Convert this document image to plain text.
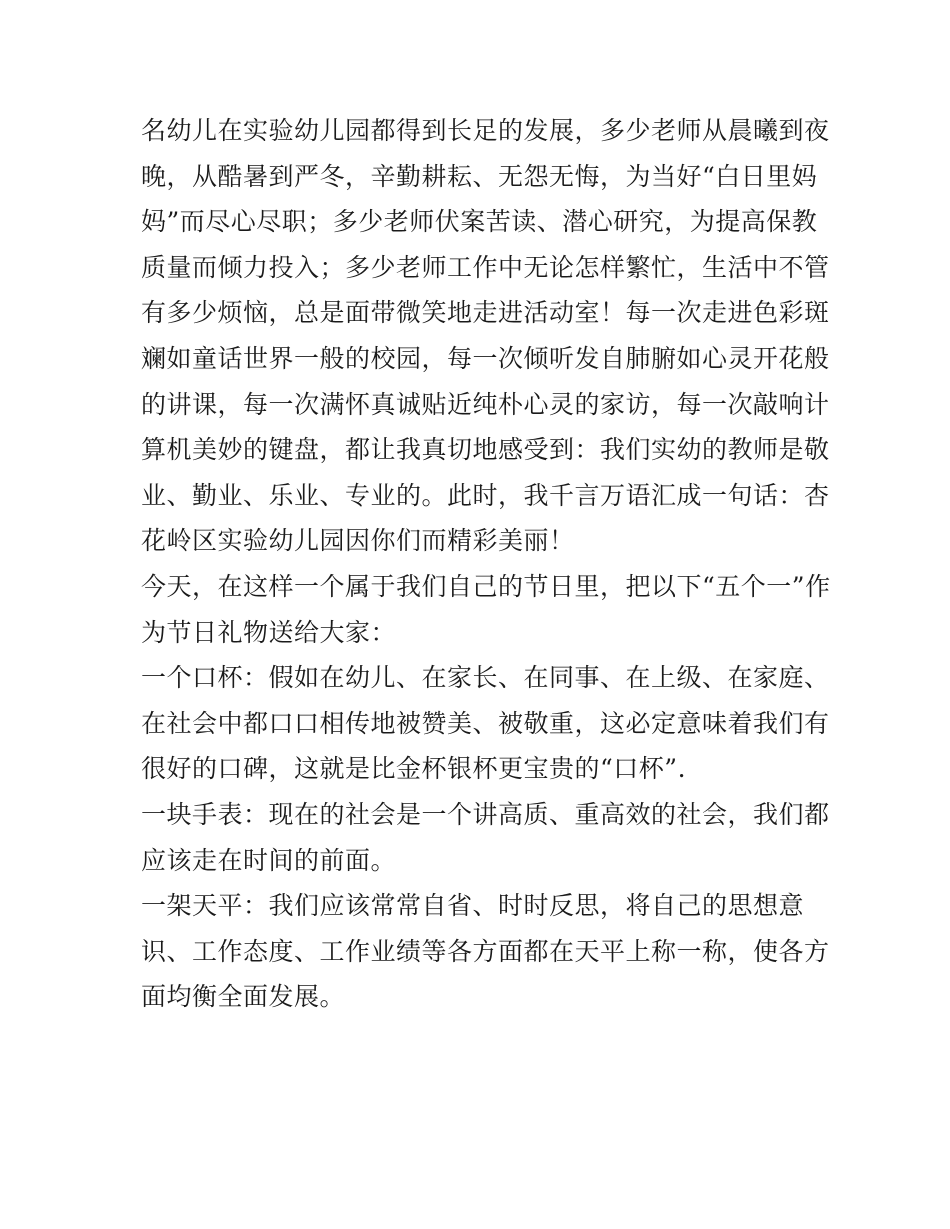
名幼儿在实验幼儿园都得到长足的发展，多少老师从晨曦到夜
晚，从酷暑到严冬，辛勤耕耘、无怨无悔，为当好“白日里妈
妈”而尽心尽职；多少老师伏案苦读、潜心研究，为提高保教
质量而倾力投入；多少老师工作中无论怎样繁忙，生活中不管
有多少烦恼，总是面带微笑地走进活动室！每一次走进色彩斑
斓如童话世界一般的校园，每一次倾听发自肺腑如心灵开花般
的讲课，每一次满怀真诚贴近纯朴心灵的家访，每一次敲响计
算机美妙的键盘，都让我真切地感受到：我们实幼的教师是敬
业、勤业、乐业、专业的。此时，我千言万语汇成一句话：杏
花岭区实验幼儿园因你们而精彩美丽！
今天，在这样一个属于我们自己的节日里，把以下“五个一”作
为节日礼物送给大家：
一个口杯：假如在幼儿、在家长、在同事、在上级、在家庭、
在社会中都口口相传地被赞美、被敬重，这必定意味着我们有
很好的口碑，这就是比金杯银杯更宝贵的“口杯”.
一块手表：现在的社会是一个讲高质、重高效的社会，我们都
应该走在时间的前面。
一架天平：我们应该常常自省、时时反思，将自己的思想意
识、工作态度、工作业绩等各方面都在天平上称一称，使各方
面均衡全面发展。
